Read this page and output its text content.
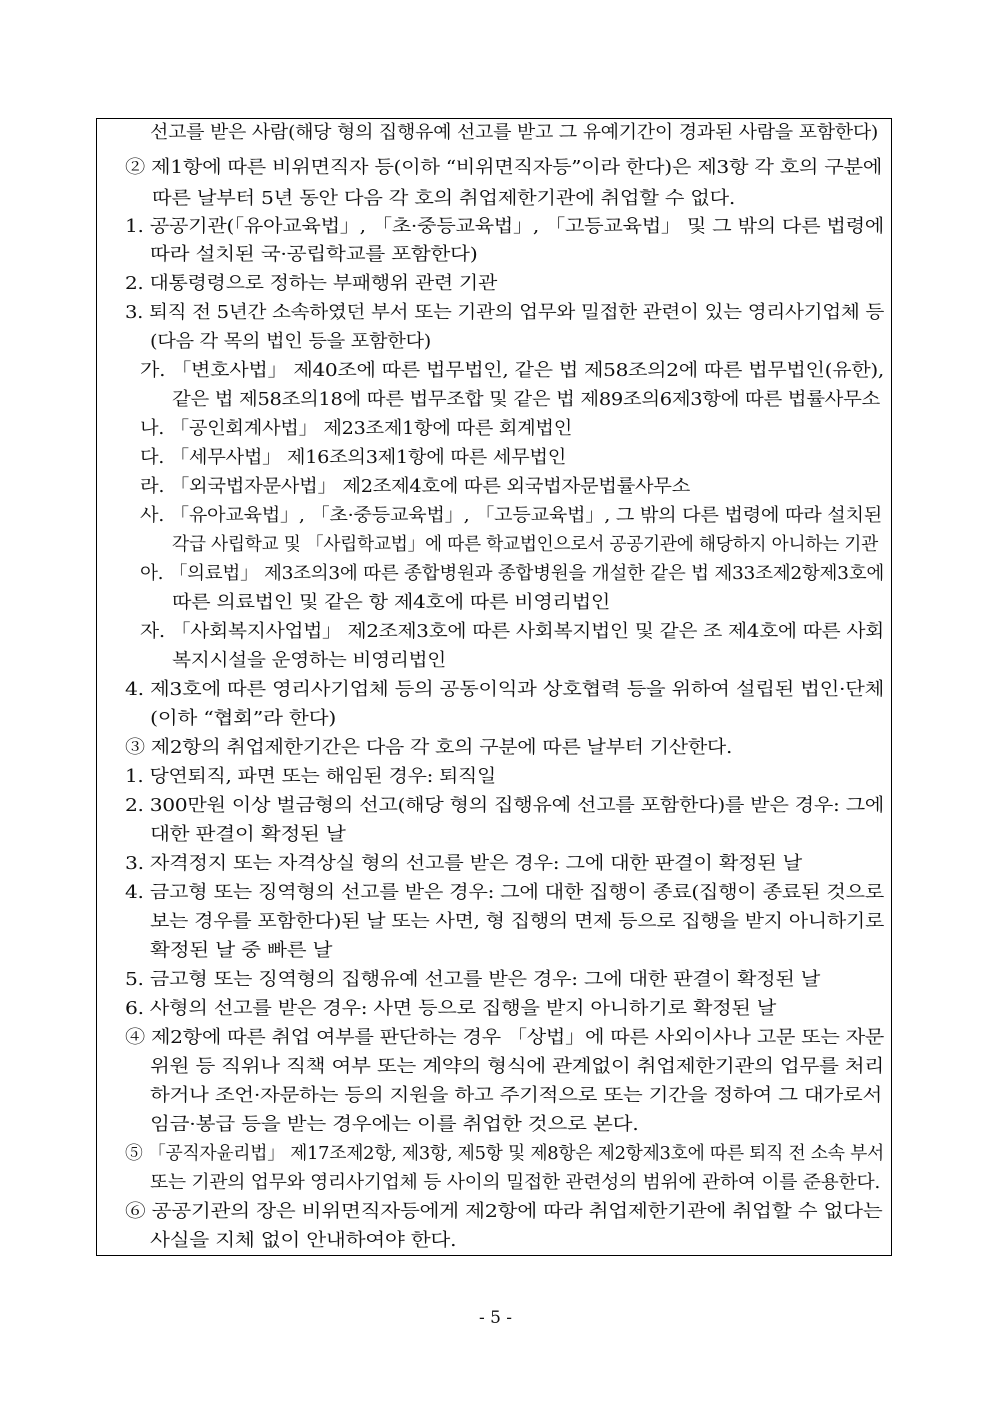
선고를 받은 사람(해당 형의 집행유예 선고를 받고 그 유예기간이 경과된 사람을 포함한다)
② 제1항에 따른 비위면직자 등(이하 “비위면직자등”이라 한다)은 제3항 각 호의 구분에
따른 날부터 5년 동안 다음 각 호의 취업제한기관에 취업할 수 없다.
1. 공공기관(「유아교육법」, 「초·중등교육법」, 「고등교육법」 및 그 밖의 다른 법령에
따라 설치된 국·공립학교를 포함한다)
2. 대통령령으로 정하는 부패행위 관련 기관
3. 퇴직 전 5년간 소속하였던 부서 또는 기관의 업무와 밀접한 관련이 있는 영리사기업체 등
(다음 각 목의 법인 등을 포함한다)
가. 「변호사법」 제40조에 따른 법무법인, 같은 법 제58조의2에 따른 법무법인(유한),
같은 법 제58조의18에 따른 법무조합 및 같은 법 제89조의6제3항에 따른 법률사무소
나. 「공인회계사법」 제23조제1항에 따른 회계법인
다. 「세무사법」 제16조의3제1항에 따른 세무법인
라. 「외국법자문사법」 제2조제4호에 따른 외국법자문법률사무소
사. 「유아교육법」, 「초·중등교육법」, 「고등교육법」, 그 밖의 다른 법령에 따라 설치된
각급 사립학교 및 「사립학교법」에 따른 학교법인으로서 공공기관에 해당하지 아니하는 기관
아. 「의료법」 제3조의3에 따른 종합병원과 종합병원을 개설한 같은 법 제33조제2항제3호에
따른 의료법인 및 같은 항 제4호에 따른 비영리법인
자. 「사회복지사업법」 제2조제3호에 따른 사회복지법인 및 같은 조 제4호에 따른 사회
복지시설을 운영하는 비영리법인
4. 제3호에 따른 영리사기업체 등의 공동이익과 상호협력 등을 위하여 설립된 법인·단체
(이하 “협회”라 한다)
③ 제2항의 취업제한기간은 다음 각 호의 구분에 따른 날부터 기산한다.
1. 당연퇴직, 파면 또는 해임된 경우: 퇴직일
2. 300만원 이상 벌금형의 선고(해당 형의 집행유예 선고를 포함한다)를 받은 경우: 그에
대한 판결이 확정된 날
3. 자격정지 또는 자격상실 형의 선고를 받은 경우: 그에 대한 판결이 확정된 날
4. 금고형 또는 징역형의 선고를 받은 경우: 그에 대한 집행이 종료(집행이 종료된 것으로
보는 경우를 포함한다)된 날 또는 사면, 형 집행의 면제 등으로 집행을 받지 아니하기로
확정된 날 중 빠른 날
5. 금고형 또는 징역형의 집행유예 선고를 받은 경우: 그에 대한 판결이 확정된 날
6. 사형의 선고를 받은 경우: 사면 등으로 집행을 받지 아니하기로 확정된 날
④ 제2항에 따른 취업 여부를 판단하는 경우 「상법」에 따른 사외이사나 고문 또는 자문
위원 등 직위나 직책 여부 또는 계약의 형식에 관계없이 취업제한기관의 업무를 처리
하거나 조언·자문하는 등의 지원을 하고 주기적으로 또는 기간을 정하여 그 대가로서
임금·봉급 등을 받는 경우에는 이를 취업한 것으로 본다.
⑤ 「공직자윤리법」 제17조제2항, 제3항, 제5항 및 제8항은 제2항제3호에 따른 퇴직 전 소속 부서
또는 기관의 업무와 영리사기업체 등 사이의 밀접한 관련성의 범위에 관하여 이를 준용한다.
⑥ 공공기관의 장은 비위면직자등에게 제2항에 따라 취업제한기관에 취업할 수 없다는
사실을 지체 없이 안내하여야 한다.
- 5 -
